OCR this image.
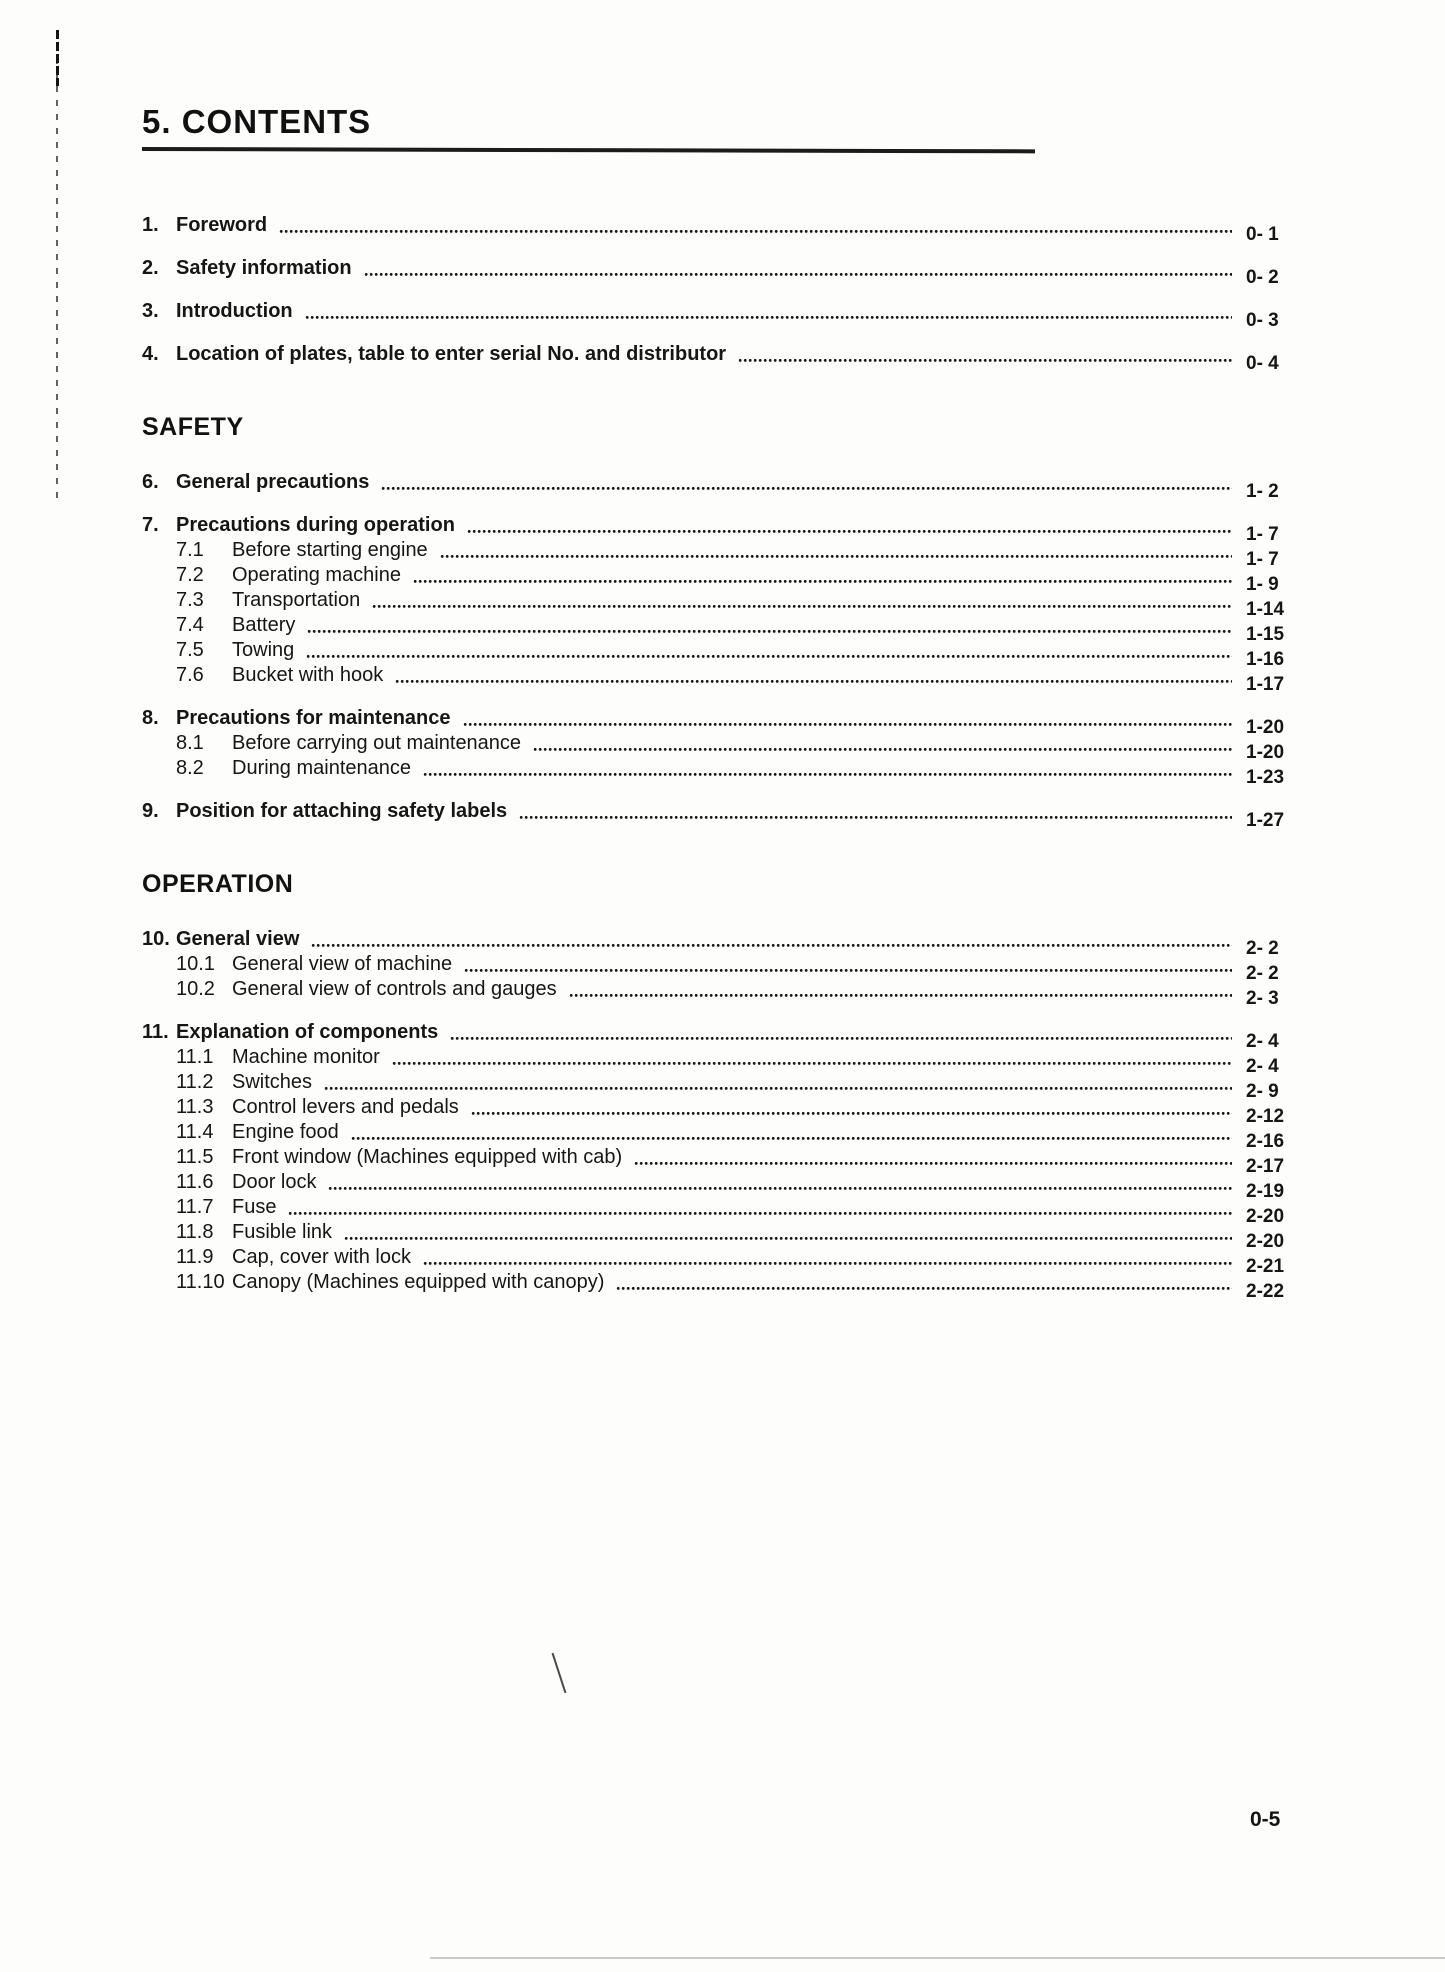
5. CONTENTS
1. Foreword	0- 1
2. Safety information	0- 2
3. Introduction	0- 3
4. Location of plates, table to enter serial No. and distributor	0- 4
SAFETY
6. General precautions	1- 2
7. Precautions during operation	1- 7
7.1	Before starting engine	1- 7
7.2	Operating machine	1- 9
7.3	Transportation	1-14
7.4	Battery	1-15
7.5	Towing	1-16
7.6	Bucket with hook	1-17
8. Precautions for maintenance	1-20
8.1	Before carrying out maintenance	1-20
8.2	During maintenance	1-23
9. Position for attaching safety labels	1-27
OPERATION
10. General view	2- 2
10.1 General view of machine	2- 2
10.2 General view of controls and gauges	2- 3
11. Explanation of components	2- 4
11.1 Machine monitor	2- 4
11.2 Switches	2- 9
11.3 Control levers and pedals	2-12
11.4 Engine food	2-16
11.5 Front window (Machines equipped with cab)	2-17
11.6 Door lock	2-19
11.7 Fuse	2-20
11.8 Fusible link	2-20
11.9 Cap, cover with lock	2-21
11.10 Canopy (Machines equipped with canopy)	2-22
0-5
